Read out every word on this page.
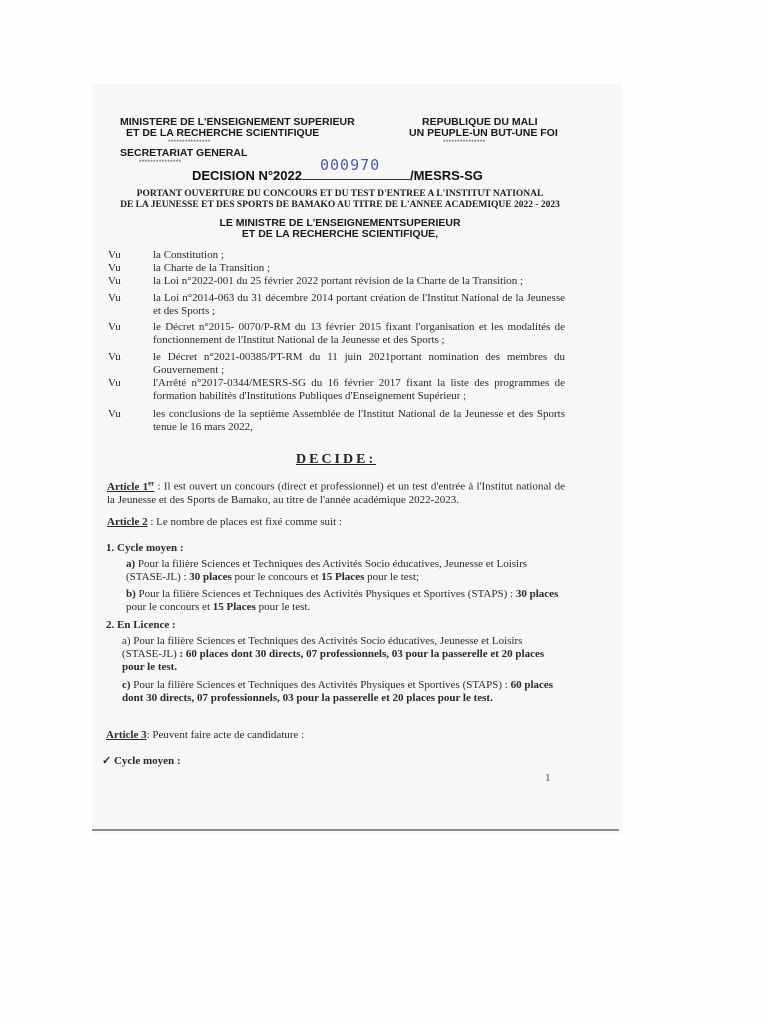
MINISTERE DE L'ENSEIGNEMENT SUPERIEUR
ET DE LA RECHERCHE SCIENTIFIQUE
***************
REPUBLIQUE DU MALI
UN PEUPLE-UN BUT-UNE FOI
***************
SECRETARIAT GENERAL
***************
DECISION N°2022	/MESRS-SG
000970
PORTANT OUVERTURE DU CONCOURS ET DU TEST D'ENTREE A L'INSTITUT NATIONAL
DE LA JEUNESSE ET DES SPORTS DE BAMAKO AU TITRE DE L'ANNEE ACADEMIQUE 2022 - 2023
LE MINISTRE DE L'ENSEIGNEMENTSUPERIEUR
ET DE LA RECHERCHE SCIENTIFIQUE,
Vu	la Constitution ;
Vu	la Charte de la Transition ;
Vu	la Loi n°2022-001 du 25 février 2022 portant révision de la Charte de la Transition ;
Vu	la Loi n°2014-063 du 31 décembre 2014 portant création de l'Institut National de la Jeunesse et des Sports ;
Vu	le Décret n°2015- 0070/P-RM du 13 février 2015 fixant l'organisation et les modalités de fonctionnement de l'Institut National de la Jeunesse et des Sports ;
Vu	le Décret n°2021-00385/PT-RM du 11 juin 2021portant nomination des membres du Gouvernement ;
Vu	l'Arrêté n°2017-0344/MESRS-SG du 16 février 2017 fixant la liste des programmes de formation habilités d'Institutions Publiques d'Enseignement Supérieur ;
Vu	les conclusions de la septième Assemblée de l'Institut National de la Jeunesse et des Sports tenue le 16 mars 2022,
DECIDE:
Article 1er : Il est ouvert un concours (direct et professionnel) et un test d'entrée à l'Institut national de la Jeunesse et des Sports de Bamako, au titre de l'année académique 2022-2023.
Article 2 : Le nombre de places est fixé comme suit :
1. Cycle moyen :
a) Pour la filière Sciences et Techniques des Activités Socio éducatives, Jeunesse et Loisirs (STASE-JL) : 30 places pour le concours et 15 Places pour le test;
b) Pour la filière Sciences et Techniques des Activités Physiques et Sportives (STAPS) : 30 places pour le concours et 15 Places pour le test.
2. En Licence :
a) Pour la filière Sciences et Techniques des Activités Socio éducatives, Jeunesse et Loisirs (STASE-JL) : 60 places dont 30 directs, 07 professionnels, 03 pour la passerelle et 20 places pour le test.
c) Pour la filière Sciences et Techniques des Activités Physiques et Sportives (STAPS) : 60 places dont 30 directs, 07 professionnels, 03 pour la passerelle et 20 places pour le test.
Article 3: Peuvent faire acte de candidature :
✓ Cycle moyen :
1
